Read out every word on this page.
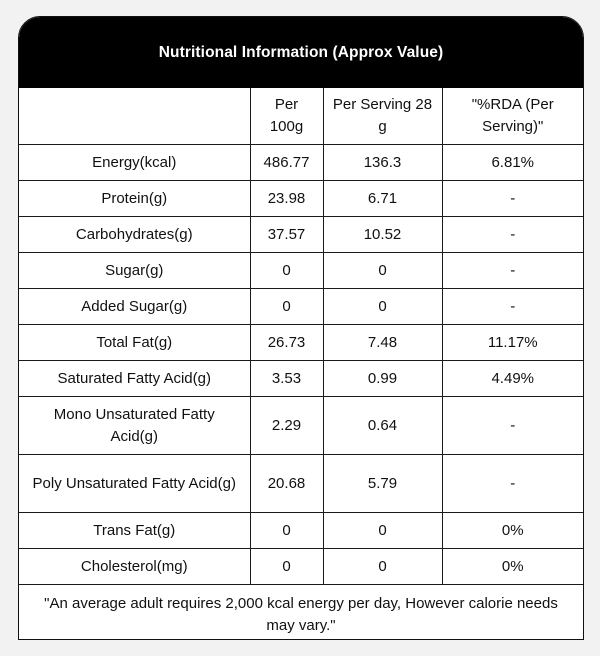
Nutritional Information (Approx Value)
	Per 100g	Per Serving 28 g	"%RDA (Per Serving)"
Energy(kcal)	486.77	136.3	6.81%
Protein(g)	23.98	6.71	-
Carbohydrates(g)	37.57	10.52	-
Sugar(g)	0	0	-
Added Sugar(g)	0	0	-
Total Fat(g)	26.73	7.48	11.17%
Saturated Fatty Acid(g)	3.53	0.99	4.49%
Mono Unsaturated Fatty Acid(g)	2.29	0.64	-
Poly Unsaturated Fatty Acid(g)	20.68	5.79	-
Trans Fat(g)	0	0	0%
Cholesterol(mg)	0	0	0%

"An average adult requires 2,000 kcal energy per day, However calorie needs may vary."			
